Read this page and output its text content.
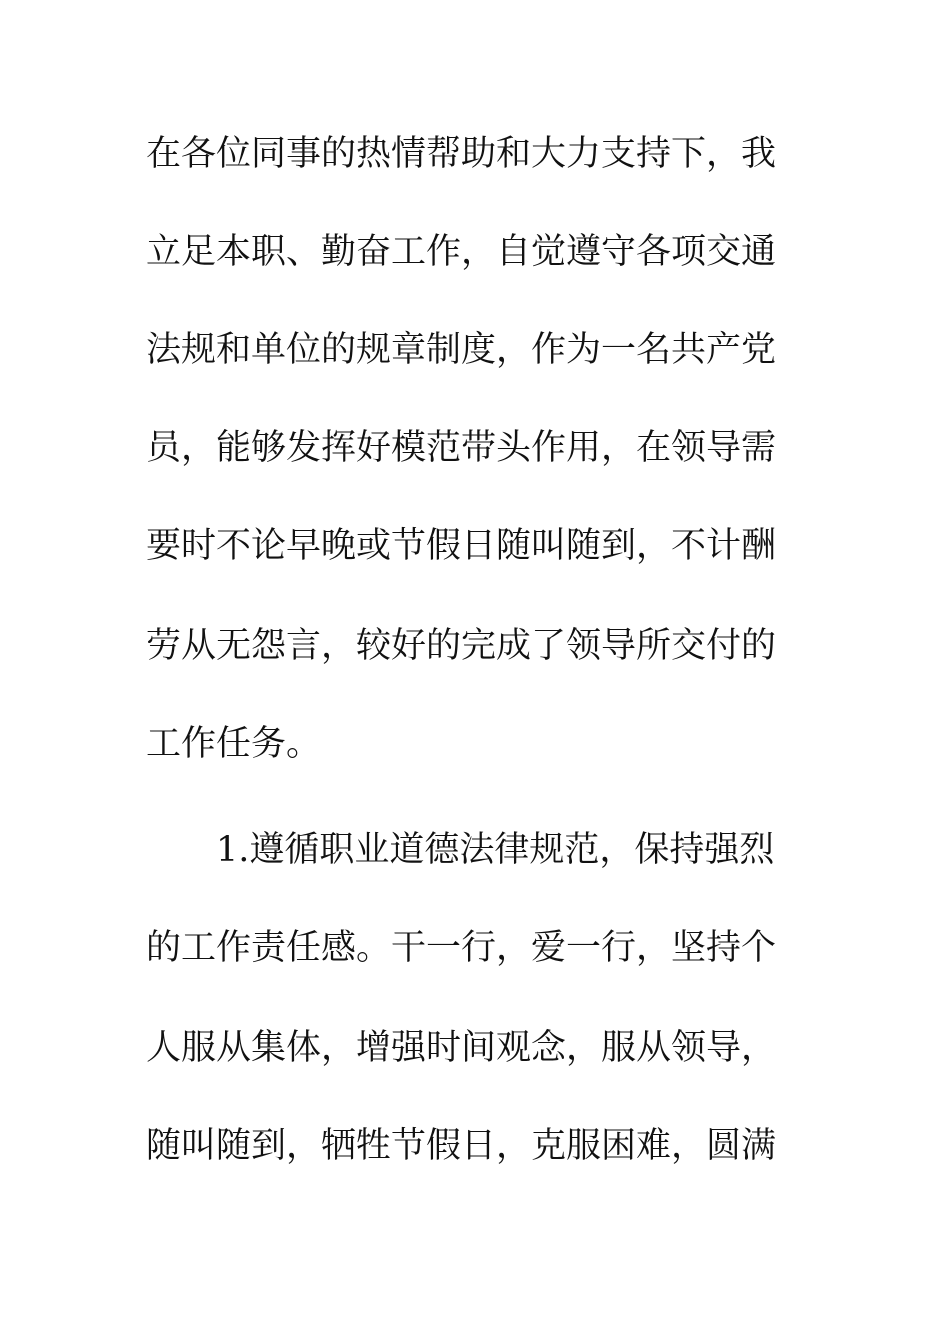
在各位同事的热情帮助和大力支持下，我

立足本职、勤奋工作，自觉遵守各项交通

法规和单位的规章制度，作为一名共产党

员，能够发挥好模范带头作用，在领导需

要时不论早晚或节假日随叫随到，不计酬

劳从无怨言，较好的完成了领导所交付的

工作任务。

1.遵循职业道德法律规范，保持强烈

的工作责任感。干一行，爱一行，坚持个

人服从集体，增强时间观念，服从领导，

随叫随到，牺牲节假日，克服困难，圆满
